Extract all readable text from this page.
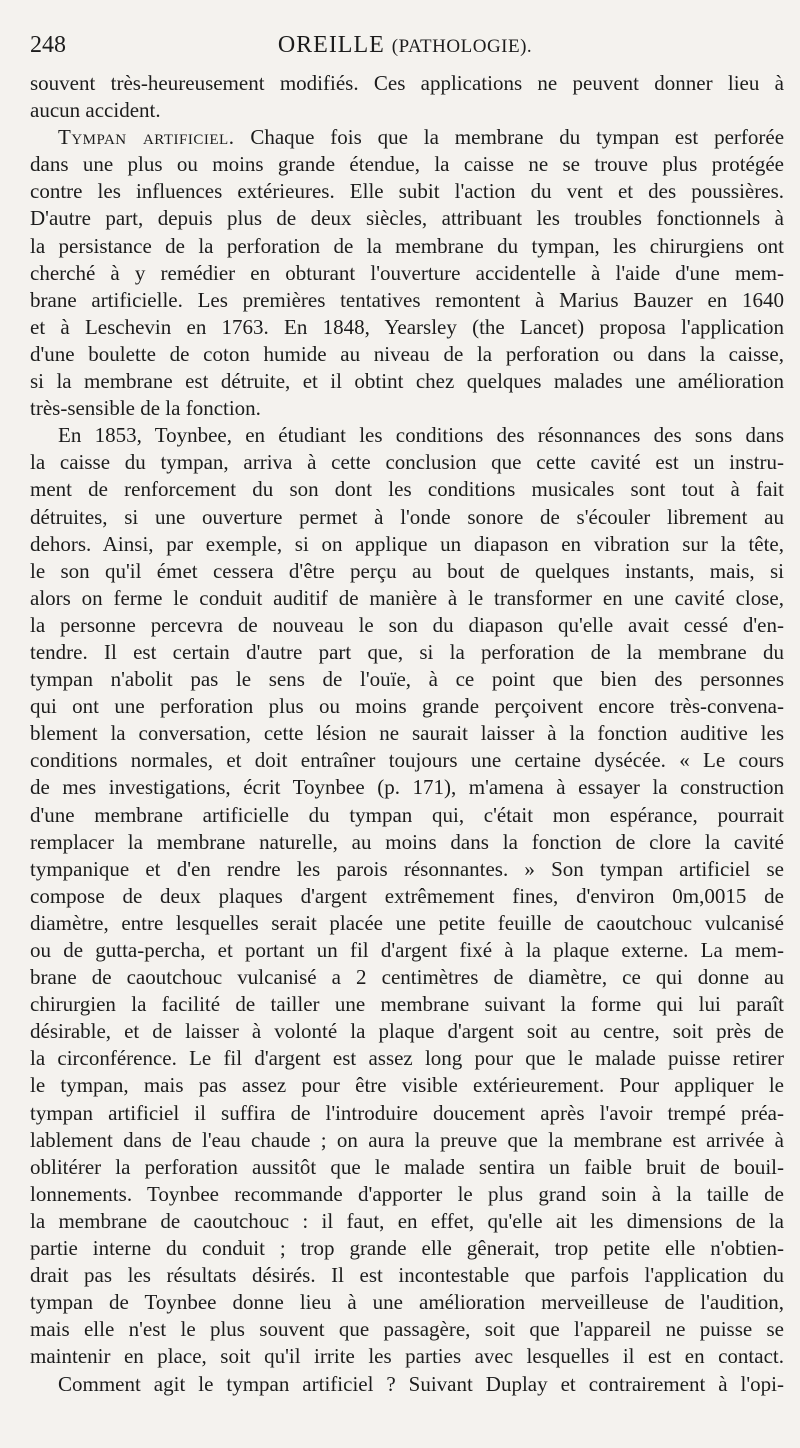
248	OREILLE (PATHOLOGIE).
souvent très-heureusement modifiés. Ces applications ne peuvent donner lieu à
aucun accident.
Tympan artificiel. Chaque fois que la membrane du tympan est perforée
dans une plus ou moins grande étendue, la caisse ne se trouve plus protégée
contre les influences extérieures. Elle subit l'action du vent et des poussières.
D'autre part, depuis plus de deux siècles, attribuant les troubles fonctionnels à
la persistance de la perforation de la membrane du tympan, les chirurgiens ont
cherché à y remédier en obturant l'ouverture accidentelle à l'aide d'une mem-
brane artificielle. Les premières tentatives remontent à Marius Bauzer en 1640
et à Leschevin en 1763. En 1848, Yearsley (the Lancet) proposa l'application
d'une boulette de coton humide au niveau de la perforation ou dans la caisse,
si la membrane est détruite, et il obtint chez quelques malades une amélioration
très-sensible de la fonction.
En 1853, Toynbee, en étudiant les conditions des résonnances des sons dans
la caisse du tympan, arriva à cette conclusion que cette cavité est un instru-
ment de renforcement du son dont les conditions musicales sont tout à fait
détruites, si une ouverture permet à l'onde sonore de s'écouler librement au
dehors. Ainsi, par exemple, si on applique un diapason en vibration sur la tête,
le son qu'il émet cessera d'être perçu au bout de quelques instants, mais, si
alors on ferme le conduit auditif de manière à le transformer en une cavité close,
la personne percevra de nouveau le son du diapason qu'elle avait cessé d'en-
tendre. Il est certain d'autre part que, si la perforation de la membrane du
tympan n'abolit pas le sens de l'ouïe, à ce point que bien des personnes
qui ont une perforation plus ou moins grande perçoivent encore très-convena-
blement la conversation, cette lésion ne saurait laisser à la fonction auditive les
conditions normales, et doit entraîner toujours une certaine dysécée. « Le cours
de mes investigations, écrit Toynbee (p. 171), m'amena à essayer la construction
d'une membrane artificielle du tympan qui, c'était mon espérance, pourrait
remplacer la membrane naturelle, au moins dans la fonction de clore la cavité
tympanique et d'en rendre les parois résonnantes. » Son tympan artificiel se
compose de deux plaques d'argent extrêmement fines, d'environ 0m,0015 de
diamètre, entre lesquelles serait placée une petite feuille de caoutchouc vulcanisé
ou de gutta-percha, et portant un fil d'argent fixé à la plaque externe. La mem-
brane de caoutchouc vulcanisé a 2 centimètres de diamètre, ce qui donne au
chirurgien la facilité de tailler une membrane suivant la forme qui lui paraît
désirable, et de laisser à volonté la plaque d'argent soit au centre, soit près de
la circonférence. Le fil d'argent est assez long pour que le malade puisse retirer
le tympan, mais pas assez pour être visible extérieurement. Pour appliquer le
tympan artificiel il suffira de l'introduire doucement après l'avoir trempé préa-
lablement dans de l'eau chaude ; on aura la preuve que la membrane est arrivée à
oblitérer la perforation aussitôt que le malade sentira un faible bruit de bouil-
lonnements. Toynbee recommande d'apporter le plus grand soin à la taille de
la membrane de caoutchouc : il faut, en effet, qu'elle ait les dimensions de la
partie interne du conduit ; trop grande elle gênerait, trop petite elle n'obtien-
drait pas les résultats désirés. Il est incontestable que parfois l'application du
tympan de Toynbee donne lieu à une amélioration merveilleuse de l'audition,
mais elle n'est le plus souvent que passagère, soit que l'appareil ne puisse se
maintenir en place, soit qu'il irrite les parties avec lesquelles il est en contact.
Comment agit le tympan artificiel ? Suivant Duplay et contrairement à l'opi-
